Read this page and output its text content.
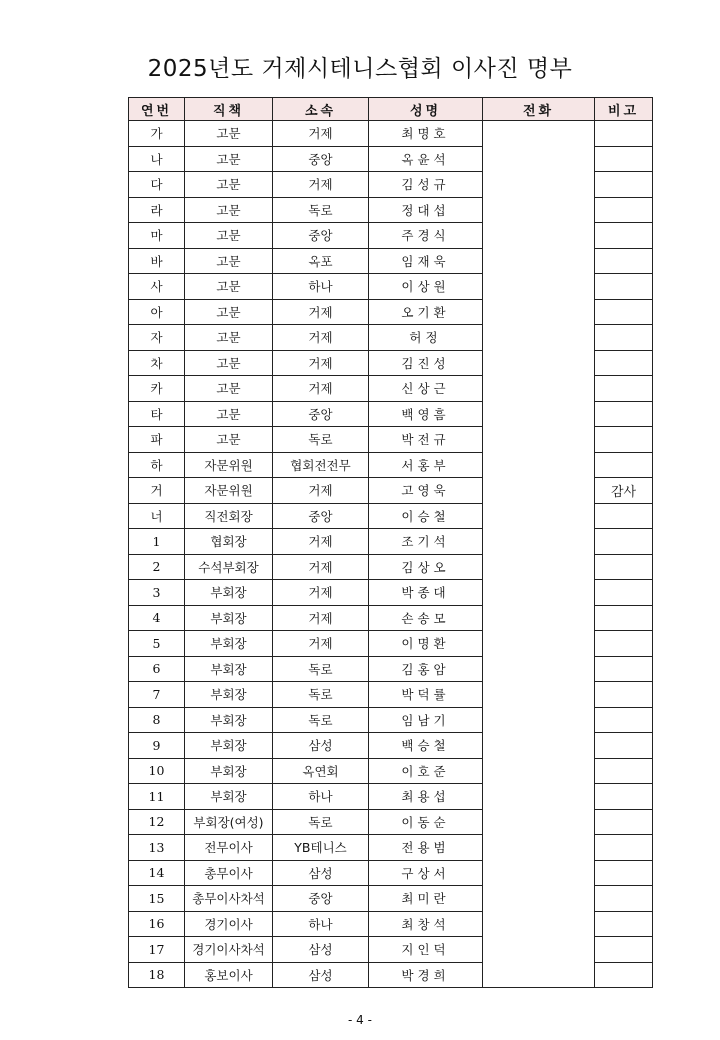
2025년도 거제시테니스협회 이사진 명부
연번	직책	소속	성명	전화	비고
가	고문	거제	최명호		
나	고문	중앙	옥윤석		
다	고문	거제	김성규		
라	고문	독로	정대섭		
마	고문	중앙	주경식		
바	고문	옥포	임재욱		
사	고문	하나	이상원		
아	고문	거제	오기환		
자	고문	거제	허정		
차	고문	거제	김진성		
카	고문	거제	신상근		
타	고문	중앙	백영흠		
파	고문	독로	박전규		
하	자문위원	협회전전무	서홍부		
거	자문위원	거제	고영욱		감사
너	직전회장	중앙	이승철		
1	협회장	거제	조기석		
2	수석부회장	거제	김상오		
3	부회장	거제	박종대		
4	부회장	거제	손송모		
5	부회장	거제	이명환		
6	부회장	독로	김홍암		
7	부회장	독로	박덕률		
8	부회장	독로	임남기		
9	부회장	삼성	백승철		
10	부회장	옥연회	이호준		
11	부회장	하나	최용섭		
12	부회장(여성)	독로	이동순		
13	전무이사	YB테니스	전용범		
14	총무이사	삼성	구상서		
15	총무이사차석	중앙	최미란		
16	경기이사	하나	최창석		
17	경기이사차석	삼성	지인덕		
18	홍보이사	삼성	박경희		
- 4 -
